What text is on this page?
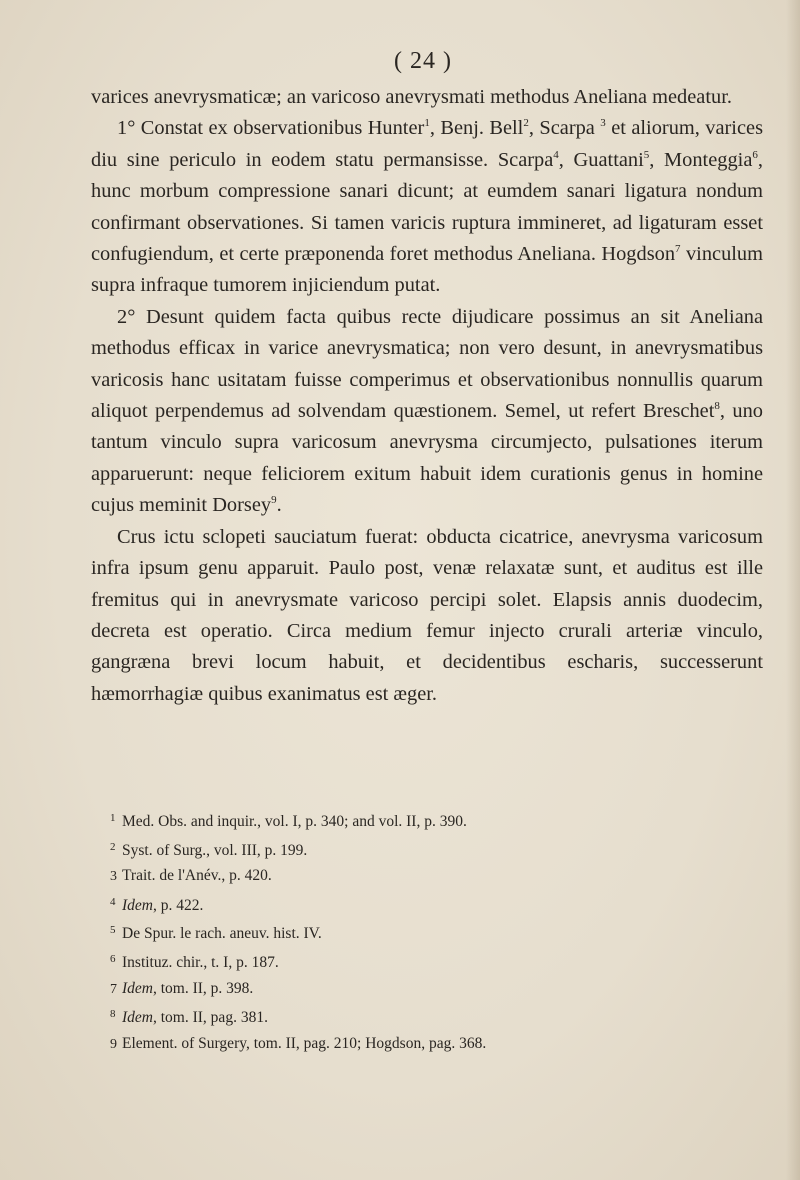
( 24 )

varices anevrysmaticæ; an varicoso anevrysmati methodus Aneliana medeatur.

1° Constat ex observationibus Hunter$^1$, Benj. Bell$^2$, Scarpa $^3$ et aliorum, varices diu sine periculo in eodem statu permansisse. Scarpa$^4$, Guattani$^5$, Monteggia$^6$, hunc morbum compressione sanari dicunt; at eumdem sanari ligatura nondum confirmant observationes. Si tamen varicis ruptura immineret, ad ligaturam esset confugiendum, et certe præponenda foret methodus Aneliana. Hogdson$^7$ vinculum supra infraque tumorem injiciendum putat.

2° Desunt quidem facta quibus recte dijudicare possimus an sit Aneliana methodus efficax in varice anevrysmatica; non vero desunt, in anevrysmatibus varicosis hanc usitatam fuisse comperimus et observationibus nonnullis quarum aliquot perpendemus ad solvendam quæstionem. Semel, ut refert Breschet$^8$, uno tantum vinculo supra varicosum anevrysma circumjecto, pulsationes iterum apparuerunt: neque feliciorem exitum habuit idem curationis genus in homine cujus meminit Dorsey$^9$.

Crus ictu sclopeti sauciatum fuerat: obducta cicatrice, anevrysma varicosum infra ipsum genu apparuit. Paulo post, venæ relaxatæ sunt, et auditus est ille fremitus qui in anevrysmate varicoso percipi solet. Elapsis annis duodecim, decreta est operatio. Circa medium femur injecto crurali arteriæ vinculo, gangræna brevi locum habuit, et decidentibus escharis, successerunt hæmorrhagiæ quibus exanimatus est æger.

1 Med. Obs. and inquir., vol. I, p. 340; and vol. II, p. 390.
2 Syst. of Surg., vol. III, p. 199.
3 Trait. de l'Anév., p. 420.
4 Idem, p. 422.
5 De Spur. le rach. aneuv. hist. IV.
6 Instituz. chir., t. I, p. 187.
7 Idem, tom. II, p. 398.
8 Idem, tom. II, pag. 381.
9 Element. of Surgery, tom. II, pag. 210; Hogdson, pag. 368.
